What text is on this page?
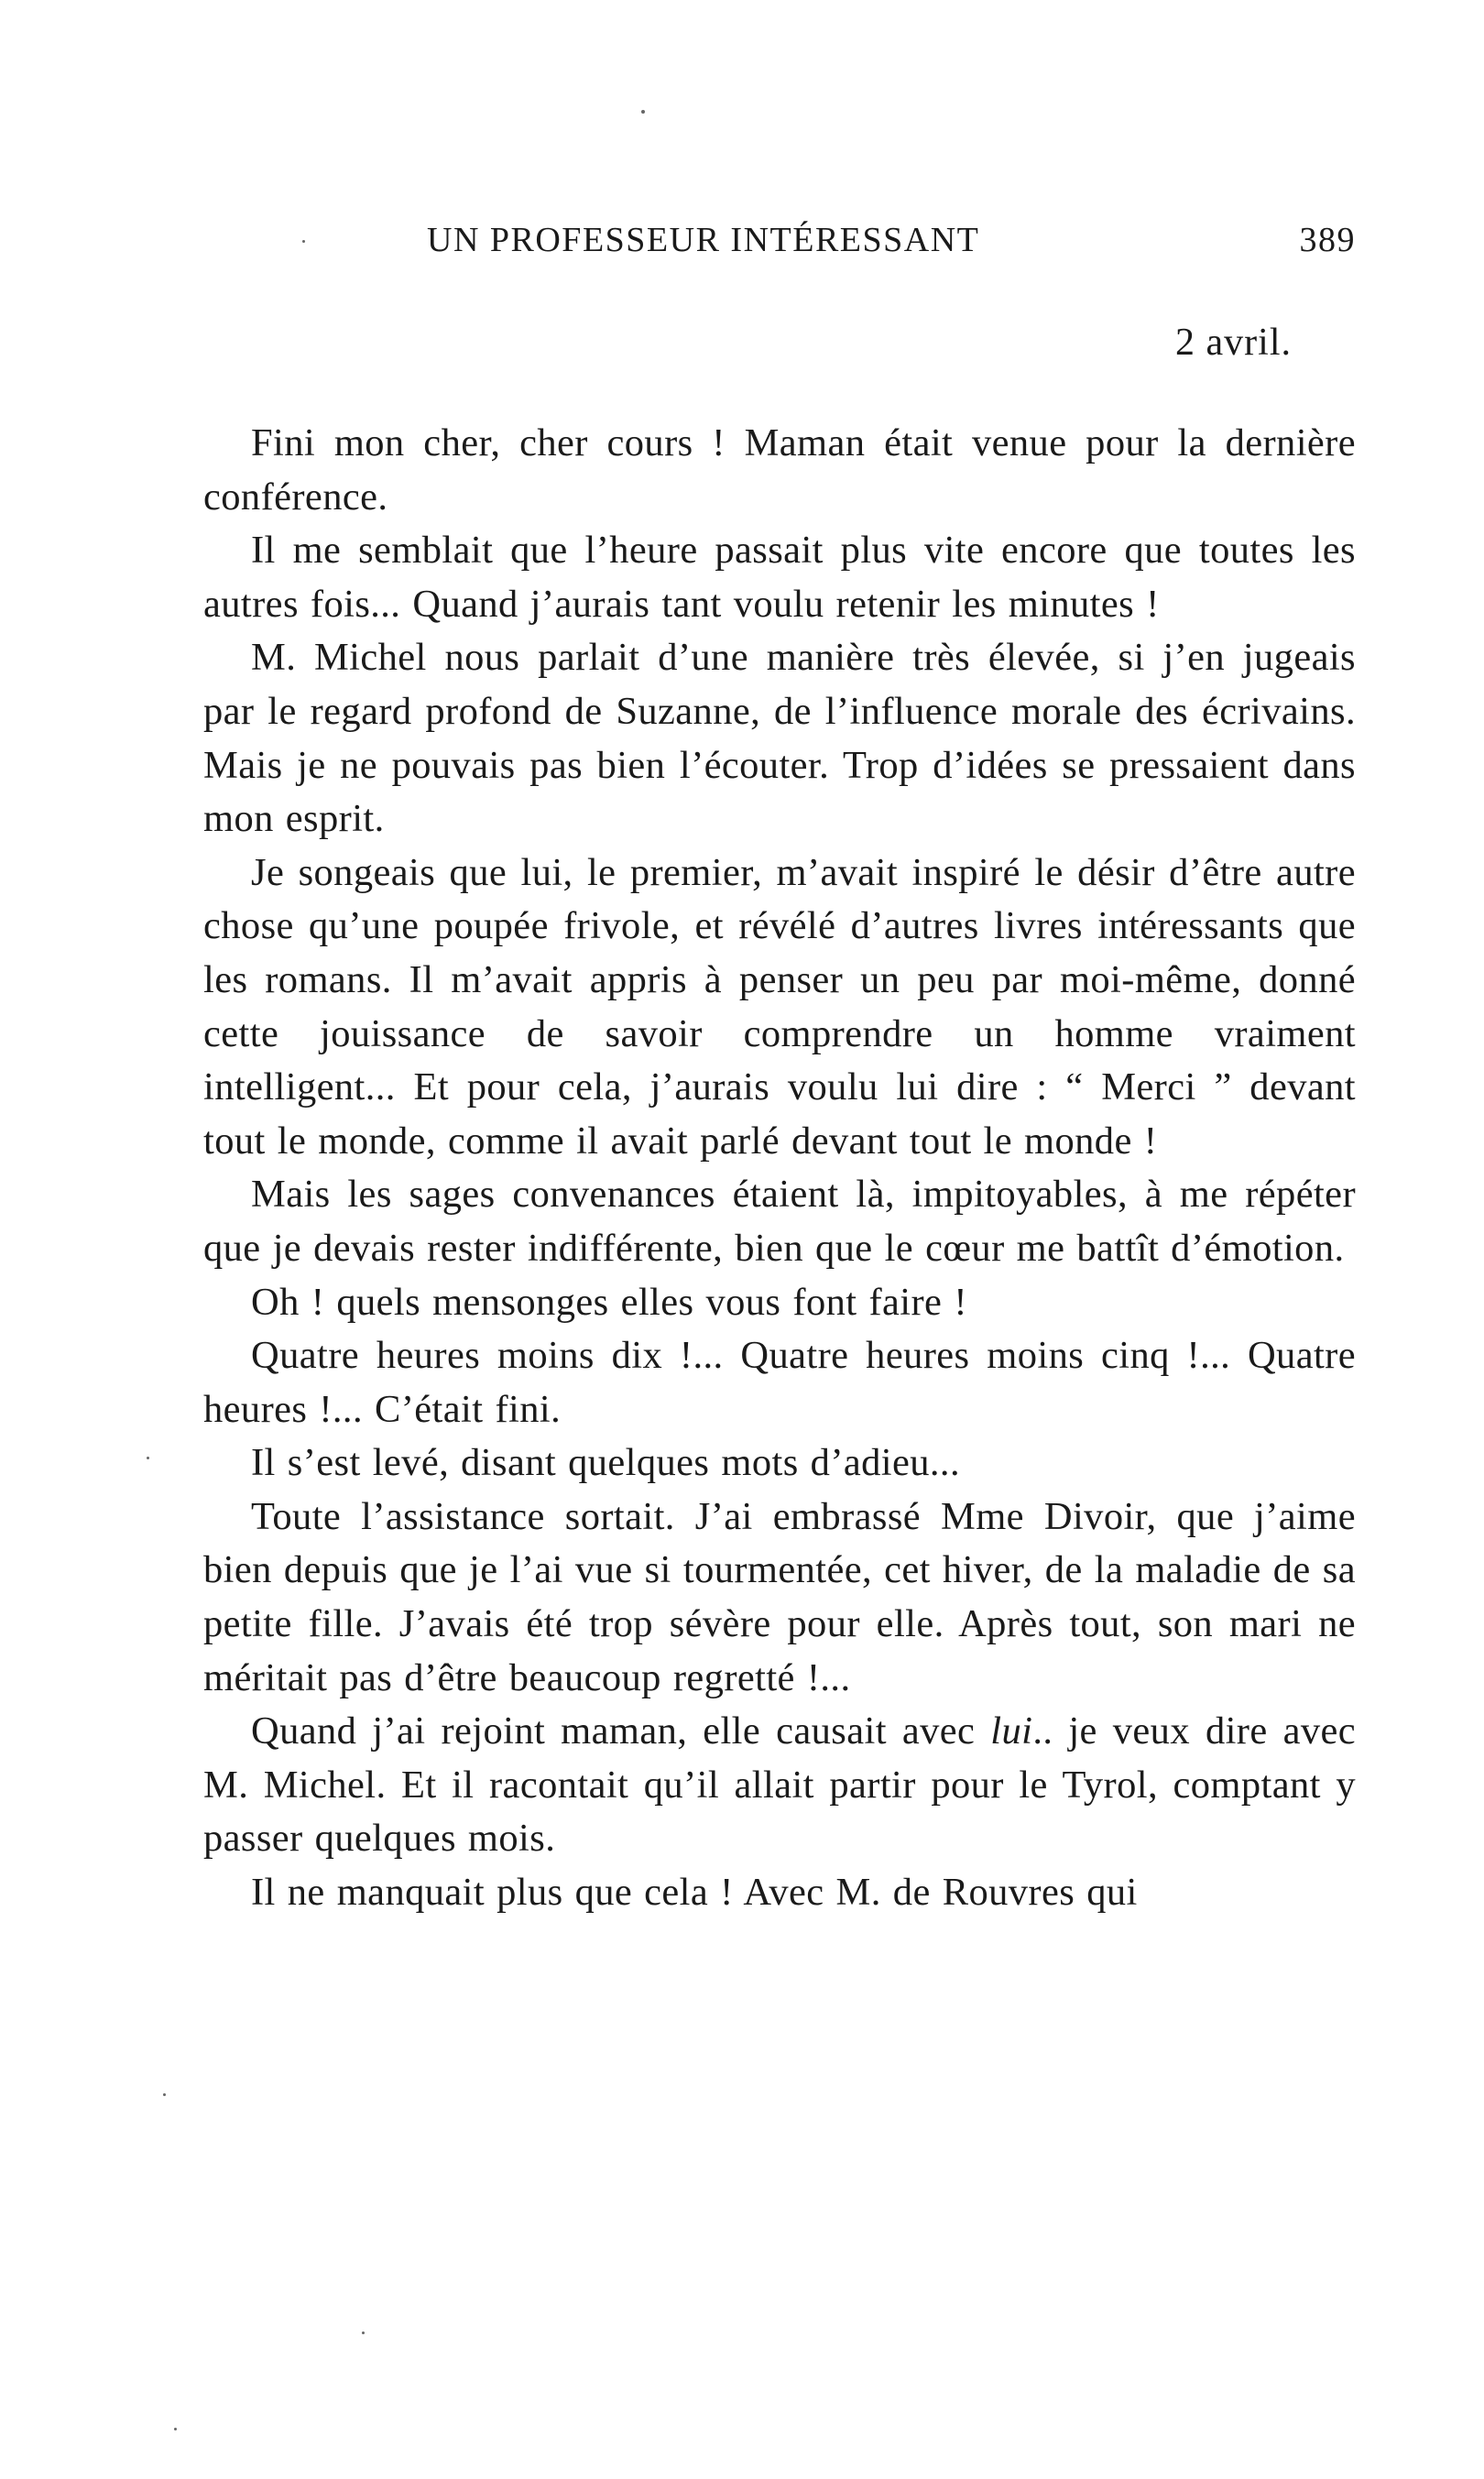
UN PROFESSEUR INTÉRESSANT	389
2 avril.

Fini mon cher, cher cours ! Maman était venue pour la dernière conférence.

Il me semblait que l’heure passait plus vite encore que toutes les autres fois... Quand j’aurais tant voulu retenir les minutes !

M. Michel nous parlait d’une manière très élevée, si j’en jugeais par le regard profond de Suzanne, de l’influence morale des écrivains. Mais je ne pouvais pas bien l’écouter. Trop d’idées se pressaient dans mon esprit.

Je songeais que lui, le premier, m’avait inspiré le désir d’être autre chose qu’une poupée frivole, et révélé d’autres livres intéressants que les romans. Il m’avait appris à penser un peu par moi-même, donné cette jouissance de savoir comprendre un homme vraiment intelligent... Et pour cela, j’aurais voulu lui dire : “ Merci ” devant tout le monde, comme il avait parlé devant tout le monde !

Mais les sages convenances étaient là, impitoyables, à me répéter que je devais rester indifférente, bien que le cœur me battît d’émotion.

Oh ! quels mensonges elles vous font faire !

Quatre heures moins dix !... Quatre heures moins cinq !... Quatre heures !... C’était fini.

Il s’est levé, disant quelques mots d’adieu...

Toute l’assistance sortait. J’ai embrassé Mme Divoir, que j’aime bien depuis que je l’ai vue si tourmentée, cet hiver, de la maladie de sa petite fille. J’avais été trop sévère pour elle. Après tout, son mari ne méritait pas d’être beaucoup regretté !...

Quand j’ai rejoint maman, elle causait avec lui.. je veux dire avec M. Michel. Et il racontait qu’il allait partir pour le Tyrol, comptant y passer quelques mois.

Il ne manquait plus que cela ! Avec M. de Rouvres qui
